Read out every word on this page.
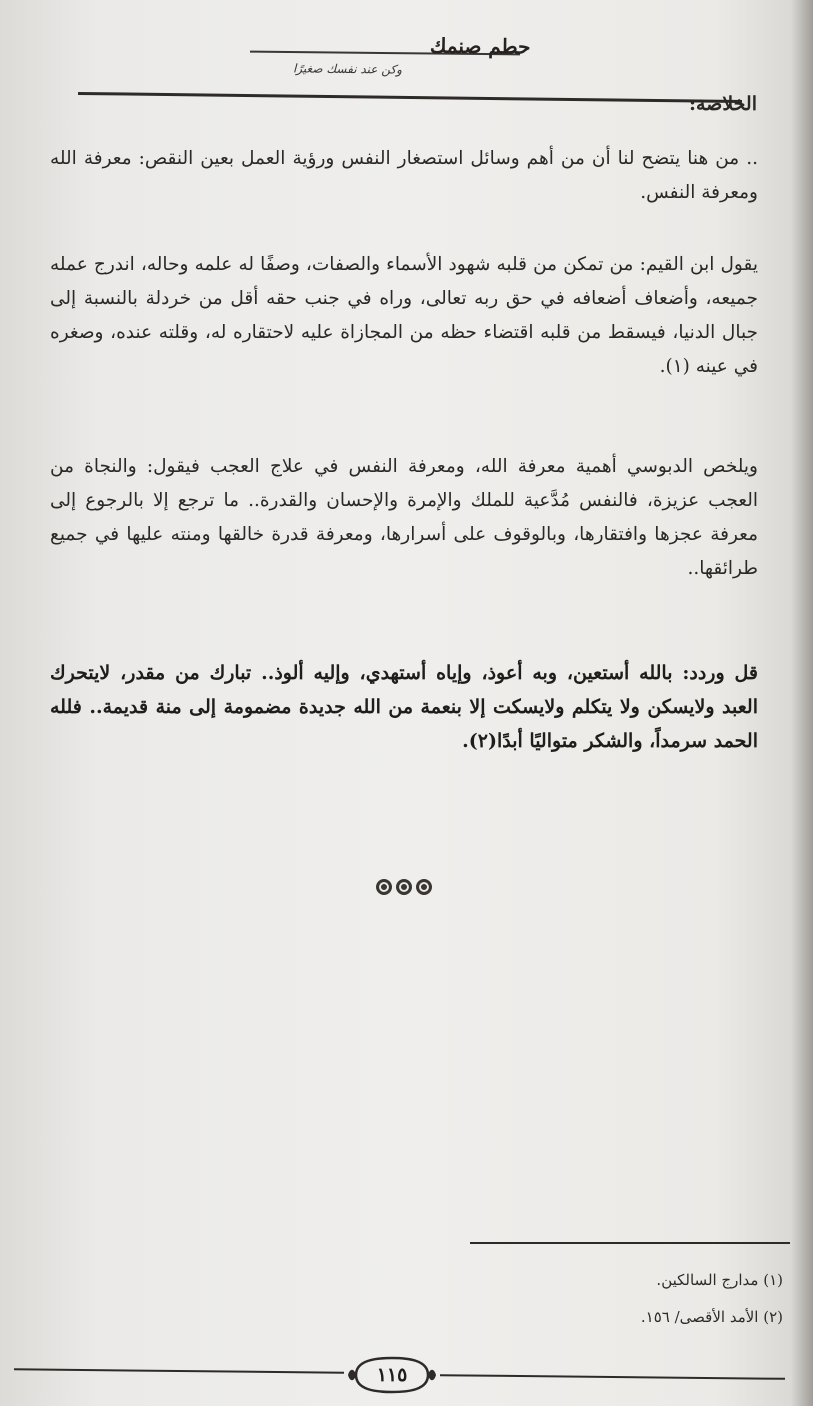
حطم صنمك
وكن عند نفسك صغيرًا
الخلاصة:
.. من هنا يتضح لنا أن من أهم وسائل استصغار النفس ورؤية العمل بعين النقص: معرفة الله ومعرفة النفس.
يقول ابن القيم: من تمكن من قلبه شهود الأسماء والصفات، وصفًا له علمه وحاله، اندرج عمله جميعه، وأضعاف أضعافه في حق ربه تعالى، وراه في جنب حقه أقل من خردلة بالنسبة إلى جبال الدنيا، فيسقط من قلبه اقتضاء حظه من المجازاة عليه لاحتقاره له، وقلته عنده، وصغره في عينه (١).
ويلخص الدبوسي أهمية معرفة الله، ومعرفة النفس في علاج العجب فيقول: والنجاة من العجب عزيزة، فالنفس مُدَّعية للملك والإمرة والإحسان والقدرة.. ما ترجع إلا بالرجوع إلى معرفة عجزها وافتقارها، وبالوقوف على أسرارها، ومعرفة قدرة خالقها ومنته عليها في جميع طرائقها..
قل وردد: بالله أستعين، وبه أعوذ، وإياه أستهدي، وإليه ألوذ.. تبارك من مقدر، لايتحرك العبد ولايسكن ولا يتكلم ولايسكت إلا بنعمة من الله جديدة مضمومة إلى منة قديمة.. فلله الحمد سرمداً، والشكر متواليًا أبدًا(٢).
(١) مدارج السالكين.
(٢) الأمد الأقصى/ ١٥٦.
١١٥
